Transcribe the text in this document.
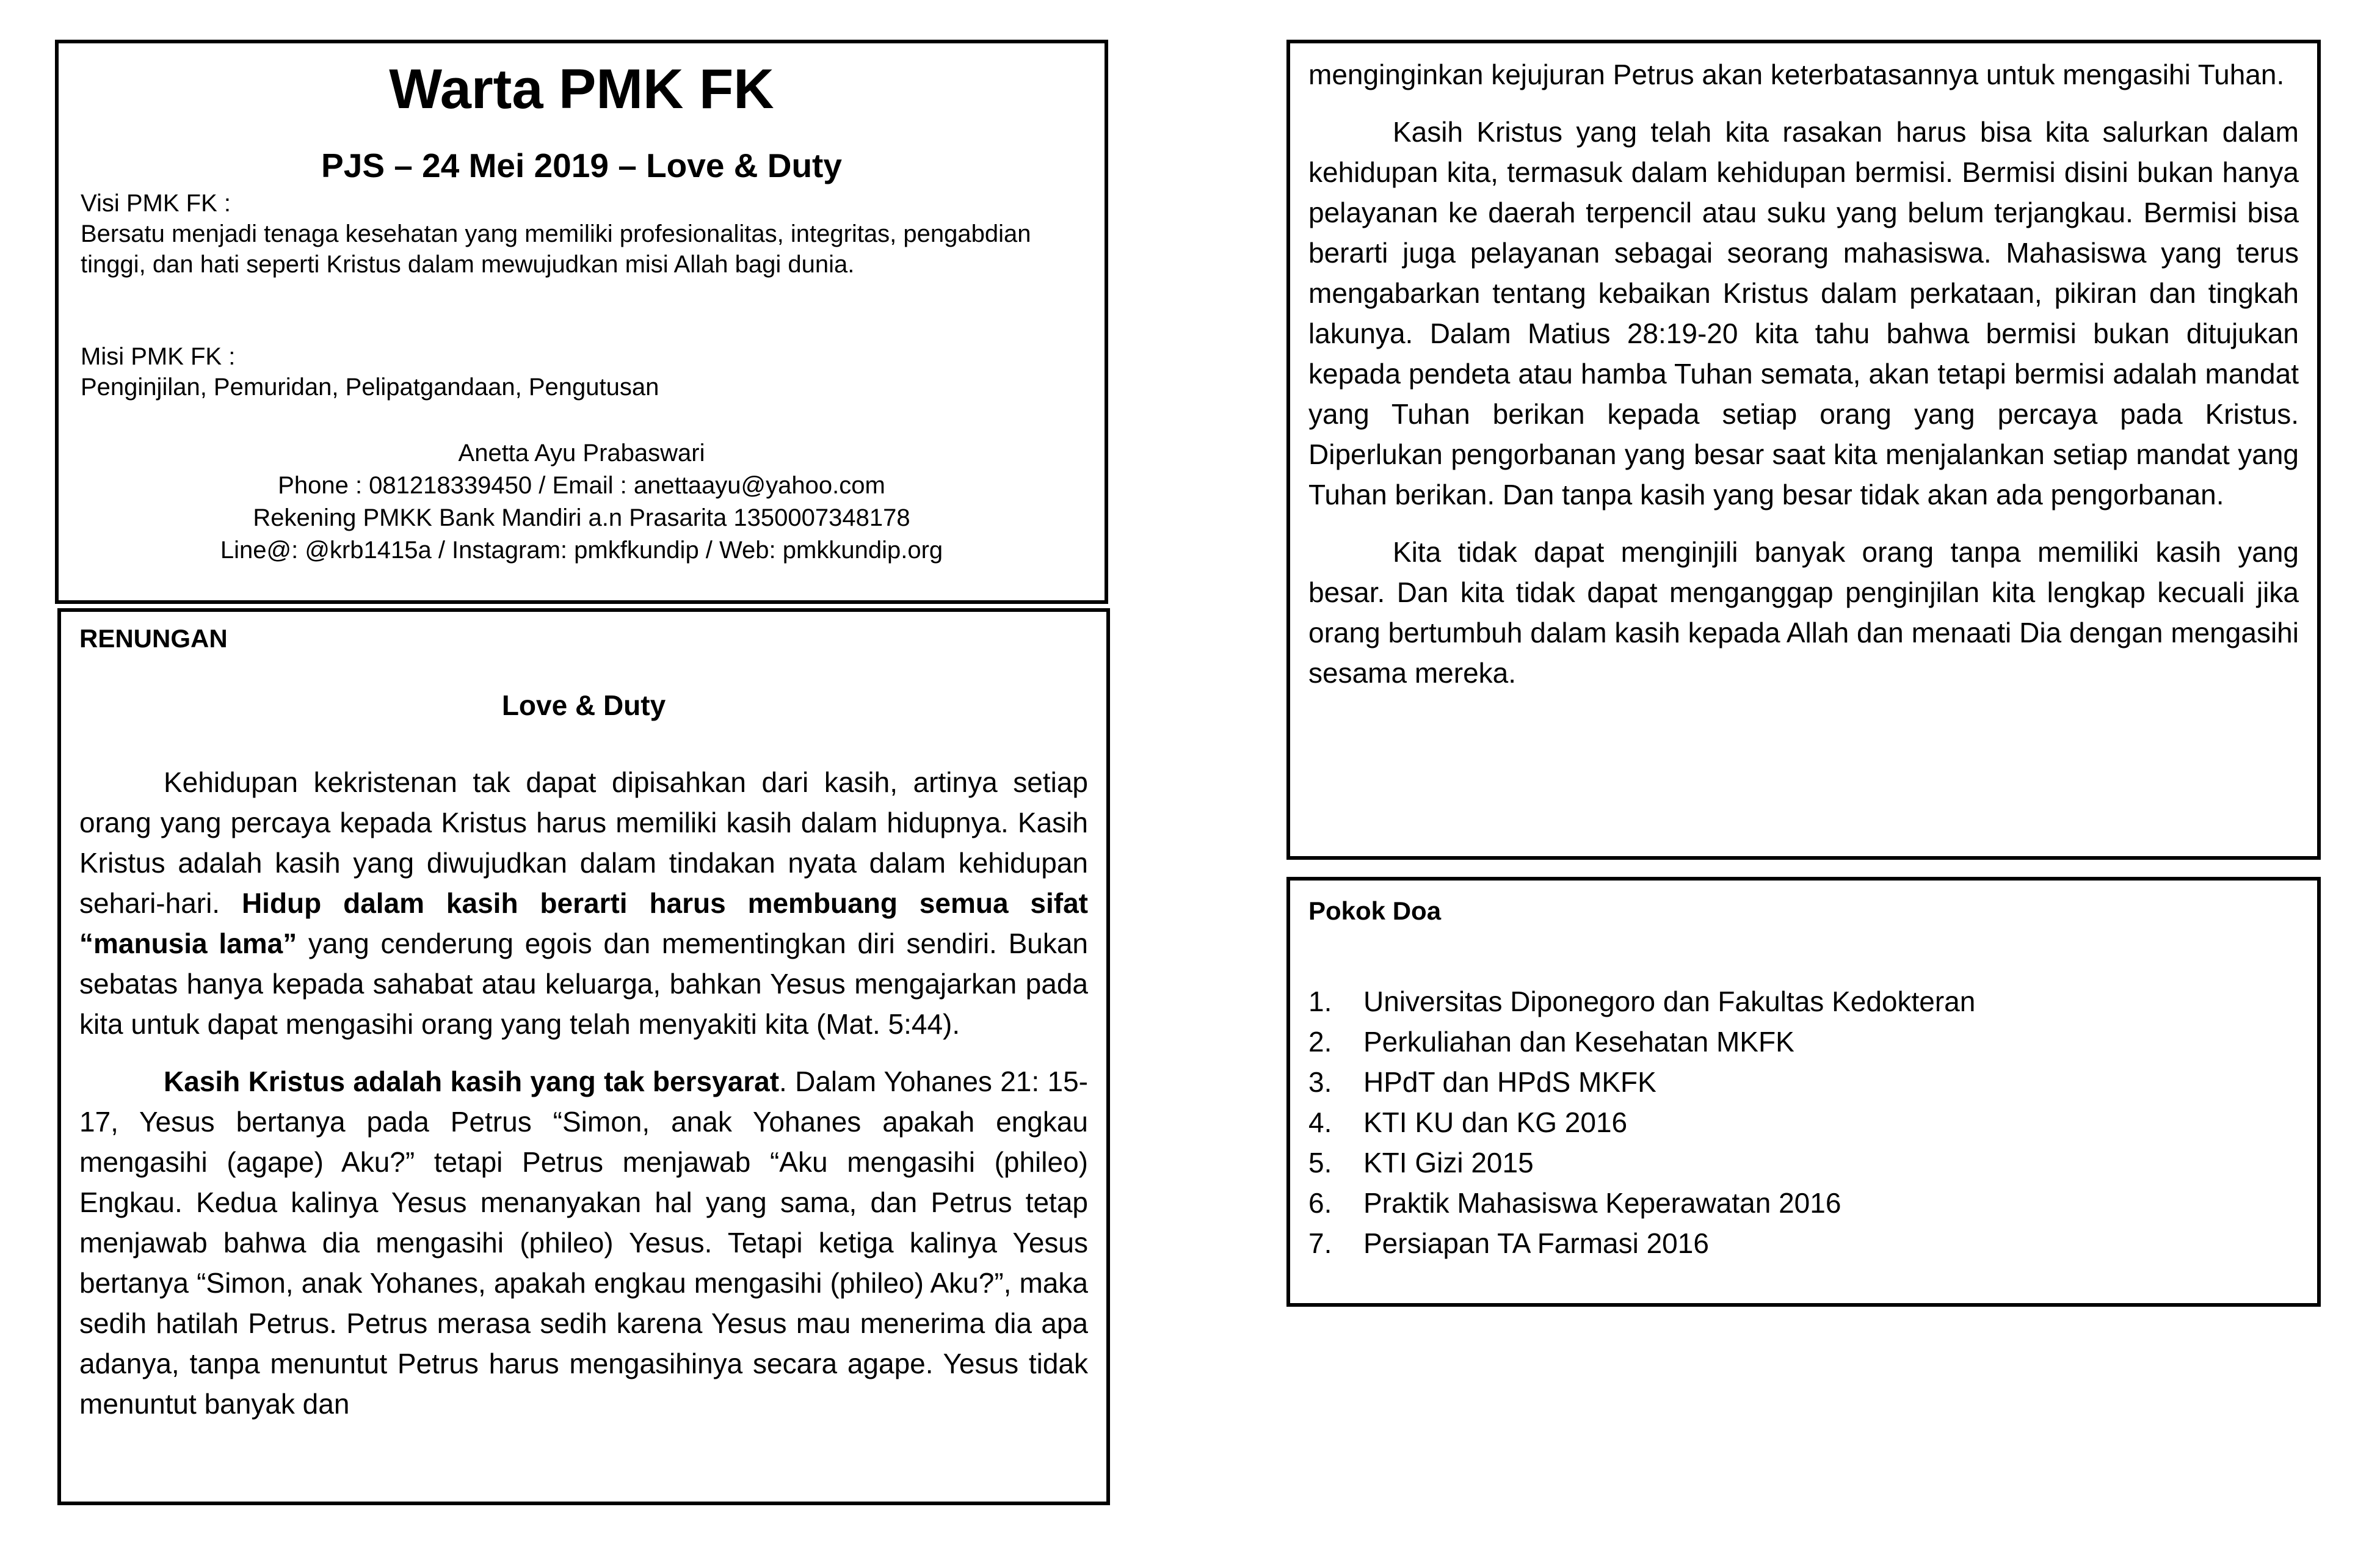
Warta PMK FK
PJS – 24 Mei 2019 – Love & Duty
Visi PMK FK :
Bersatu menjadi tenaga kesehatan yang memiliki profesionalitas, integritas, pengabdian tinggi, dan hati seperti Kristus dalam mewujudkan misi Allah bagi dunia.
Misi PMK FK :
Penginjilan, Pemuridan, Pelipatgandaan, Pengutusan
Anetta Ayu Prabaswari
Phone : 081218339450 / Email : anettaayu@yahoo.com
Rekening PMKK Bank Mandiri a.n Prasarita 1350007348178
Line@: @krb1415a / Instagram: pmkfkundip / Web: pmkkundip.org
RENUNGAN
Love & Duty

Kehidupan kekristenan tak dapat dipisahkan dari kasih, artinya setiap orang yang percaya kepada Kristus harus memiliki kasih dalam hidupnya. Kasih Kristus adalah kasih yang diwujudkan dalam tindakan nyata dalam kehidupan sehari-hari. Hidup dalam kasih berarti harus membuang semua sifat “manusia lama” yang cenderung egois dan mementingkan diri sendiri. Bukan sebatas hanya kepada sahabat atau keluarga, bahkan Yesus mengajarkan pada kita untuk dapat mengasihi orang yang telah menyakiti kita (Mat. 5:44).

Kasih Kristus adalah kasih yang tak bersyarat. Dalam Yohanes 21: 15-17, Yesus bertanya pada Petrus “Simon, anak Yohanes apakah engkau mengasihi (agape) Aku?” tetapi Petrus menjawab “Aku mengasihi (phileo) Engkau. Kedua kalinya Yesus menanyakan hal yang sama, dan Petrus tetap menjawab bahwa dia mengasihi (phileo) Yesus. Tetapi ketiga kalinya Yesus bertanya “Simon, anak Yohanes, apakah engkau mengasihi (phileo) Aku?”, maka sedih hatilah Petrus. Petrus merasa sedih karena Yesus mau menerima dia apa adanya, tanpa menuntut Petrus harus mengasihinya secara agape. Yesus tidak menuntut banyak dan

menginginkan kejujuran Petrus akan keterbatasannya untuk mengasihi Tuhan.

Kasih Kristus yang telah kita rasakan harus bisa kita salurkan dalam kehidupan kita, termasuk dalam kehidupan bermisi. Bermisi disini bukan hanya pelayanan ke daerah terpencil atau suku yang belum terjangkau. Bermisi bisa berarti juga pelayanan sebagai seorang mahasiswa. Mahasiswa yang terus mengabarkan tentang kebaikan Kristus dalam perkataan, pikiran dan tingkah lakunya. Dalam Matius 28:19-20 kita tahu bahwa bermisi bukan ditujukan kepada pendeta atau hamba Tuhan semata, akan tetapi bermisi adalah mandat yang Tuhan berikan kepada setiap orang yang percaya pada Kristus. Diperlukan pengorbanan yang besar saat kita menjalankan setiap mandat yang Tuhan berikan. Dan tanpa kasih yang besar tidak akan ada pengorbanan.

Kita tidak dapat menginjili banyak orang tanpa memiliki kasih yang besar. Dan kita tidak dapat menganggap penginjilan kita lengkap kecuali jika orang bertumbuh dalam kasih kepada Allah dan menaati Dia dengan mengasihi sesama mereka.

Pokok Doa
1.	Universitas Diponegoro dan Fakultas Kedokteran
2.	Perkuliahan dan Kesehatan MKFK
3.	HPdT dan HPdS MKFK
4.	KTI KU dan KG 2016
5.	KTI Gizi 2015
6.	Praktik Mahasiswa Keperawatan 2016
7.	Persiapan TA Farmasi 2016
